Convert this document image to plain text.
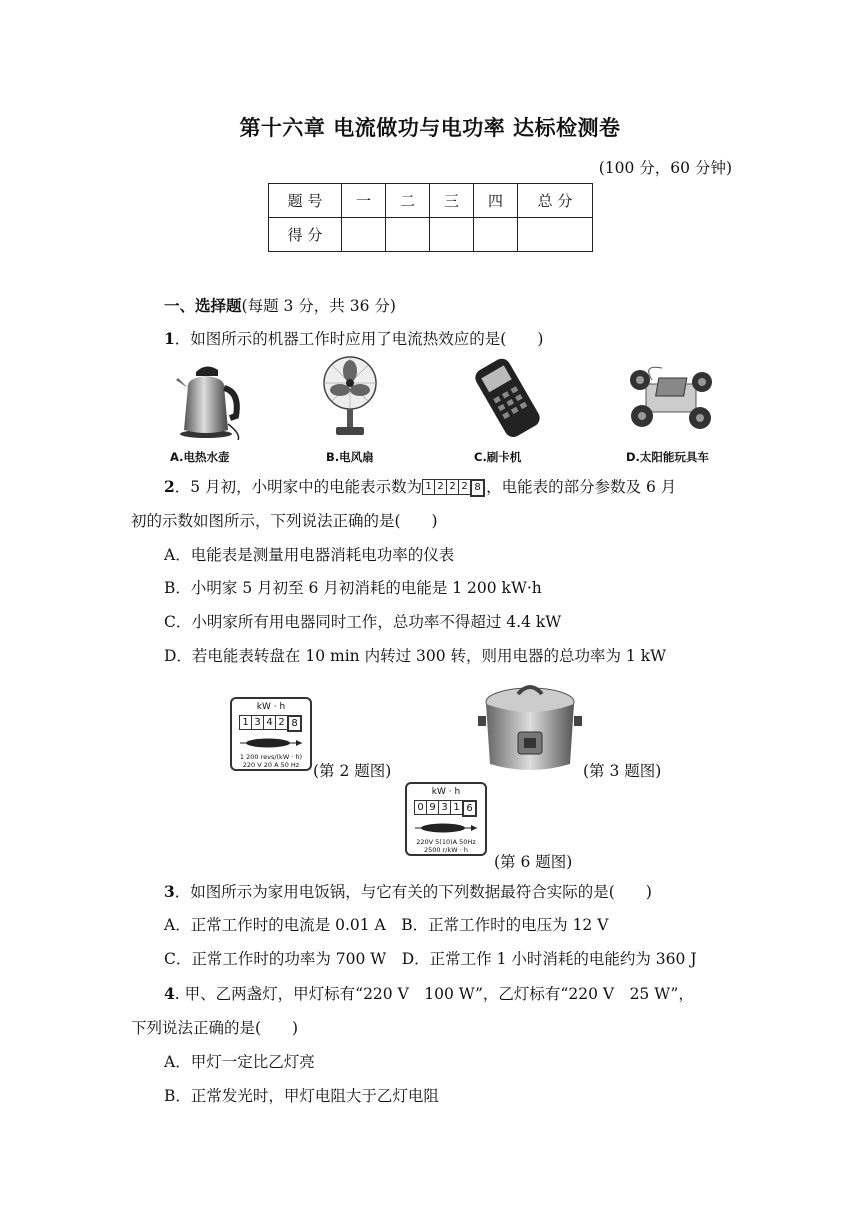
第十六章 电流做功与电功率 达标检测卷
(100 分，60 分钟)
题 号	一	二	三	四	总 分
得 分					
一、选择题(每题 3 分，共 36 分)
1．如图所示的机器工作时应用了电流热效应的是(　　)
A.电热水壶	B.电风扇	C.刷卡机	D.太阳能玩具车
2．5 月初，小明家中的电能表示数为 1 2 2 2 8 ，电能表的部分参数及 6 月
初的示数如图所示，下列说法正确的是(　　)
A．电能表是测量用电器消耗电功率的仪表
B．小明家 5 月初至 6 月初消耗的电能是 1 200 kW·h
C．小明家所有用电器同时工作，总功率不得超过 4.4 kW
D．若电能表转盘在 10 min 内转过 300 转，则用电器的总功率为 1 kW
kW · h
1 3 4 2 8
1 200 revs/(kW · h)
220 V 20 A 50 Hz (第 2 题图)	(第 3 题图)
kW · h
0 9 3 1 6
220V 5(10)A 50Hz
2500 r/kW · h
(第 6 题图)
3．如图所示为家用电饭锅，与它有关的下列数据最符合实际的是(　　)
A．正常工作时的电流是 0.01 A　B．正常工作时的电压为 12 V
C．正常工作时的功率为 700 W　D．正常工作 1 小时消耗的电能约为 360 J
4. 甲、乙两盏灯，甲灯标有“220 V　100 W”，乙灯标有“220 V　25 W”，
下列说法正确的是(　　)
A．甲灯一定比乙灯亮
B．正常发光时，甲灯电阻大于乙灯电阻
